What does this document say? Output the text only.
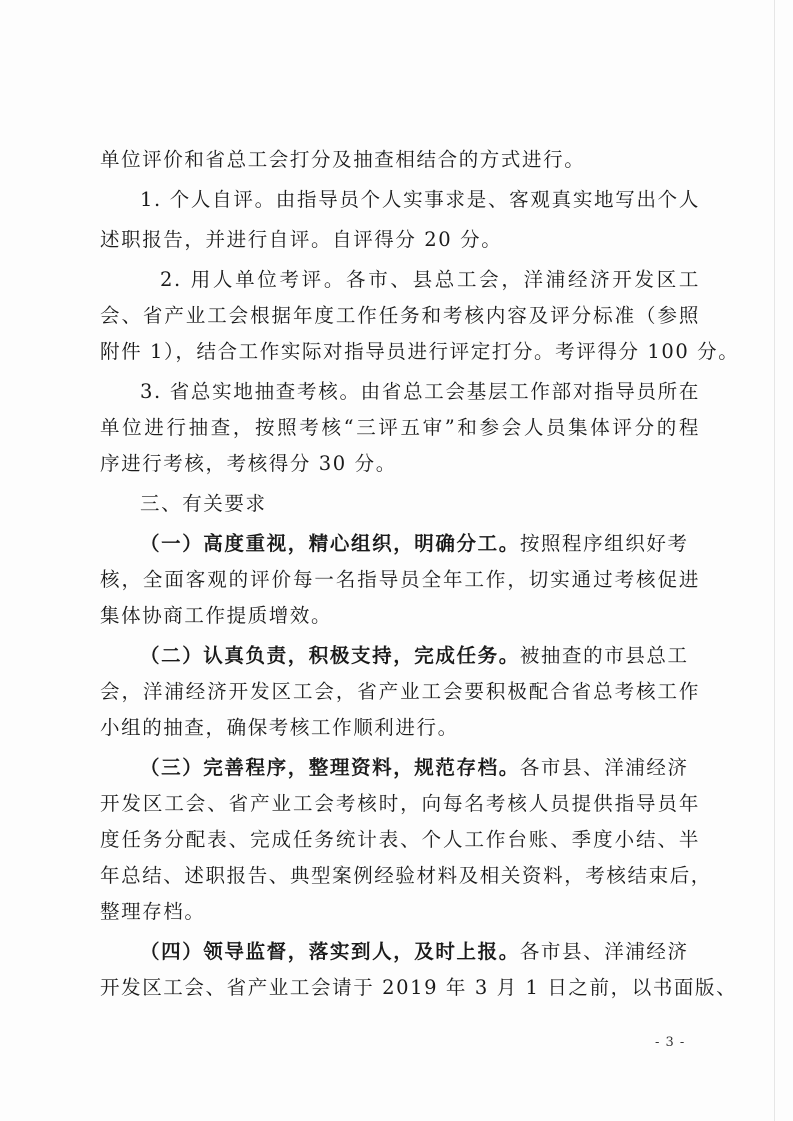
单位评价和省总工会打分及抽查相结合的方式进行。
1. 个人自评。由指导员个人实事求是、客观真实地写出个人
述职报告，并进行自评。自评得分 20 分。
2. 用人单位考评。各市、县总工会，洋浦经济开发区工
会、省产业工会根据年度工作任务和考核内容及评分标准（参照
附件 1），结合工作实际对指导员进行评定打分。考评得分 100 分。
3. 省总实地抽查考核。由省总工会基层工作部对指导员所在
单位进行抽查，按照考核“三评五审”和参会人员集体评分的程
序进行考核，考核得分 30 分。
三、有关要求
（一）高度重视，精心组织，明确分工。按照程序组织好考
核，全面客观的评价每一名指导员全年工作，切实通过考核促进
集体协商工作提质增效。
（二）认真负责，积极支持，完成任务。被抽查的市县总工
会，洋浦经济开发区工会，省产业工会要积极配合省总考核工作
小组的抽查，确保考核工作顺利进行。
（三）完善程序，整理资料，规范存档。各市县、洋浦经济
开发区工会、省产业工会考核时，向每名考核人员提供指导员年
度任务分配表、完成任务统计表、个人工作台账、季度小结、半
年总结、述职报告、典型案例经验材料及相关资料，考核结束后，
整理存档。
（四）领导监督，落实到人，及时上报。各市县、洋浦经济
开发区工会、省产业工会请于 2019 年 3 月 1 日之前，以书面版、
- 3 -
